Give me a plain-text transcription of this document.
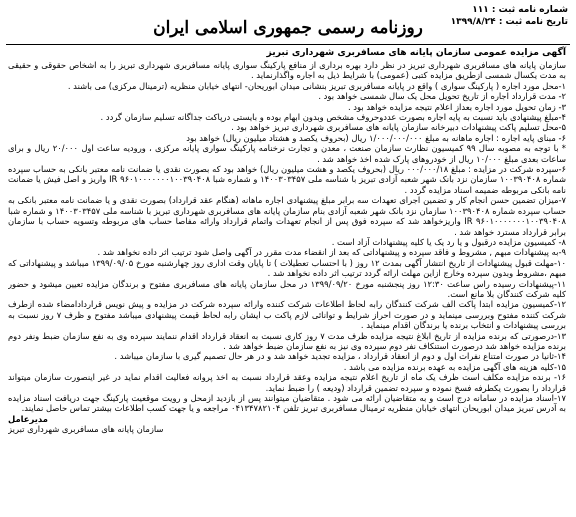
شماره نامه ثبت : ۱۱۱
تاریخ نامه ثبت : ۱۳۹۹/۸/۲۴
روزنامه رسمی جمهوری اسلامی ایران
آگهی مزایده عمومی سازمان پایانه های مسافربری شهرداری تبریز

سازمان پایانه های مسافربری شهرداری تبریز در نظر دارد بهره برداری از منافع پارکینگ سواری پایانه مسافربری شهرداری تبریز را به اشخاص حقوقی و حقیقی به مدت یکسال شمسی ازطریق مزایده کتبی (عمومی) با شرایط ذیل به اجاره واگذارنماید .

۱-محل مورد اجاره ( پارکینگ سواری ) واقع در پایانه مسافربری تبریز بنشانی میدان ابوریحان- انتهای خیابان منظریه (ترمینال مرکزی) می باشند .

۲- مدت قرارداد اجاره از تاریخ تحویل محل یک سال شمسی خواهد بود .

۳- زمان تحویل مورد اجاره بعداز اعلام نتیجه مزایده خواهد بود .

۴-مبلغ پیشنهادی باید نسبت به پایه اجاره بصورت عددوحروف مشخص وبدون ابهام بوده و بایستی درپاکت جداگانه تسلیم سازمان گردد .

۵-محل تسلیم پاکت پیشنهادات دبیرخانه سازمان پایانه های مسافربری شهرداری تبریز خواهد بود .

۶- مبنای پایه اجاره : اجاره ماهانه به مبلغ ۱/۰۰۰/۰۰۰/۰۰۰ ریال (بحروف یکصد و هشتاد میلیون ریال) خواهد بود

* با توجه به مصوبه سال ۹۹ کمیسیون نظارت سازمان صنعت ، معدن و تجارت نرخنامه پارکینگ سواری پایانه مرکزی ، ورودیه ساعت اول ۲۰/۰۰۰ ریال و برای ساعات بعدی مبلغ ۱۰/۰۰۰ ریال از خودروهای پارک شده اخذ خواهد شد .

۶-سپرده شرکت در مزایده : مبلغ ۰۰۰/۰۰۰/۱۸ ریال (بحروف یکصد و هشت میلیون ریال) خواهد بود که بصورت نقدی یا ضمانت نامه معتبر بانکی به حساب سپرده شماره ۱۰۰۳۹۰۴۰۸ سازمان نزد بانک شهر شعبه آزادی تبریز با شناسه ملی ۱۴۰۰۳۰۳۴۵۷ و شماره شبا IR ۹۶۰۱۰۰۰۰۰۰۰۱۰۰۳۹۰۴۰۸ واریز و اصل فیش یا ضمانت نامه بانکی مربوطه ضمیمه اسناد مزایده گردد .

۷-میزان تضمین حسن انجام کار و تضمین اجرای تعهدات سه برابر مبلغ پیشنهادی اجاره ماهانه (هنگام عقد قرارداد) بصورت نقدی و یا ضمانت نامه معتبر بانکی به حساب سپرده شماره ۱۰۰۳۹۰۴۰۸ سازمان نزد بانک شهر شعبه آزادی بنام سازمان پایانه های مسافربری شهرداری تبریز با شناسه ملی ۱۴۰۰۳۰۳۴۵۷ و شماره شبا IR ۹۶۰۱۰۰۰۰۰۰۰۱۰۰۳۹۰۴۰۸ واریزخواهد شد که سپرده فوق پس از انجام تعهدات واتمام قرارداد وارائه مفاصا حساب های مربوطه وتسویه حساب با سازمان برابر قرارداد مسترد خواهد شد .

۸- کمیسیون مزایده درقبول و یا رد یک یا کلیه پیشنهادات آزاد است .

۹-به پیشنهادات مبهم , مشروط و فاقد سپرده و پیشنهاداتی که بعد از انقضاء مدت مقرر در آگهی واصل شود ترتیب اثر داده نخواهد شد .

۱۰-مهلت قبول پیشنهادات از تاریخ انتشار آگهی بمدت ۱۲ روز ( با احتساب تعطیلات ) تا پایان وقت اداری روز چهارشنبه مورخ ۱۳۹۹/۰۹/۰۵ میباشد و پیشنهاداتی که مبهم ،مشروط وبدون سپرده وخارج ازاین مهلت ارائه گردد ترتیب اثر داده نخواهد شد .

۱۱-پیشنهادات رسیده راس ساعت ۱۲:۳۰ روز پنجشنبه مورخ ۱۳۹۹/۰۹/۲۰ در محل سازمان پایانه های مسافربری مفتوح و برندگان مزایده تعیین میشود و حضور کلیه شرکت کنندگان بلا مانع است.

۱۲-کمیسیون مزایده ابتدا پاکت الف شرکت کنندگان رابه لحاظ اطلاعات شرکت کننده وارائه سپرده شرکت در مزایده و پیش نویس قراردادامضاء شده ازطرف شرکت کننده مفتوح وبررسی مینماید و در صورت احراز شرایط و توانائی لازم پاکت ب ایشان رابه لحاظ قیمت پیشنهادی میباشد مفتوح و ظرف ۷ روز نسبت به بررسی پیشنهادات و انتخاب برنده یا برندگان اقدام مینماید .

۱۳-درصورتی که برنده مزایده از تاریخ ابلاغ نتیجه مزایده ظرف مدت ۷ روز کاری نسبت به انعقاد قرارداد اقدام ننمایند سپرده وی به نفع سازمان ضبط ونفر دوم برنده مزایده خواهد شد درصورت استنکاف نفر دوم سپرده وی نیز به نفع سازمان ضبط خواهد شد .

۱۴-ثانیا در صورت امتناع نفرات اول و دوم از انعقاد قرارداد ، مزایده تجدید خواهد شد و در هر حال تصمیم گیری با سازمان میباشد .

۱۵-کلیه هزینه های آگهی مزایده به عهده برنده مزایده می باشد .

۱۶- برنده مزایده مکلف است ظرف یک ماه از تاریخ اعلام نتیجه مزایده وعقد قرارداد نسبت به اخذ پروانه فعالیت اقدام نماید در غیر اینصورت سازمان میتواند قرارداد را بصورت یکطرفه فسخ نموده و سپرده تضمین قرارداد (ودیعه ) را ضبط نماید.

۱۷-اسناد مزایده در سامانه درج است و به متقاضیان ارائه می شود . متقاضیان میتوانند پس از بازدید ازمحل و رویت موقعیت پارکینگ جهت دریافت اسناد مزایده به آدرس تبریز میدان ابوریحان انتهای خیابان منظریه ترمینال مسافربری تبریز تلفن ۰۴۱۳۴۷۸۲۱۰۴ مراجعه و یا جهت کسب اطلاعات بیشتر تماس حاصل نمایند.

مدیرعامل

سازمان پایانه های مسافربری شهرداری تبریز
